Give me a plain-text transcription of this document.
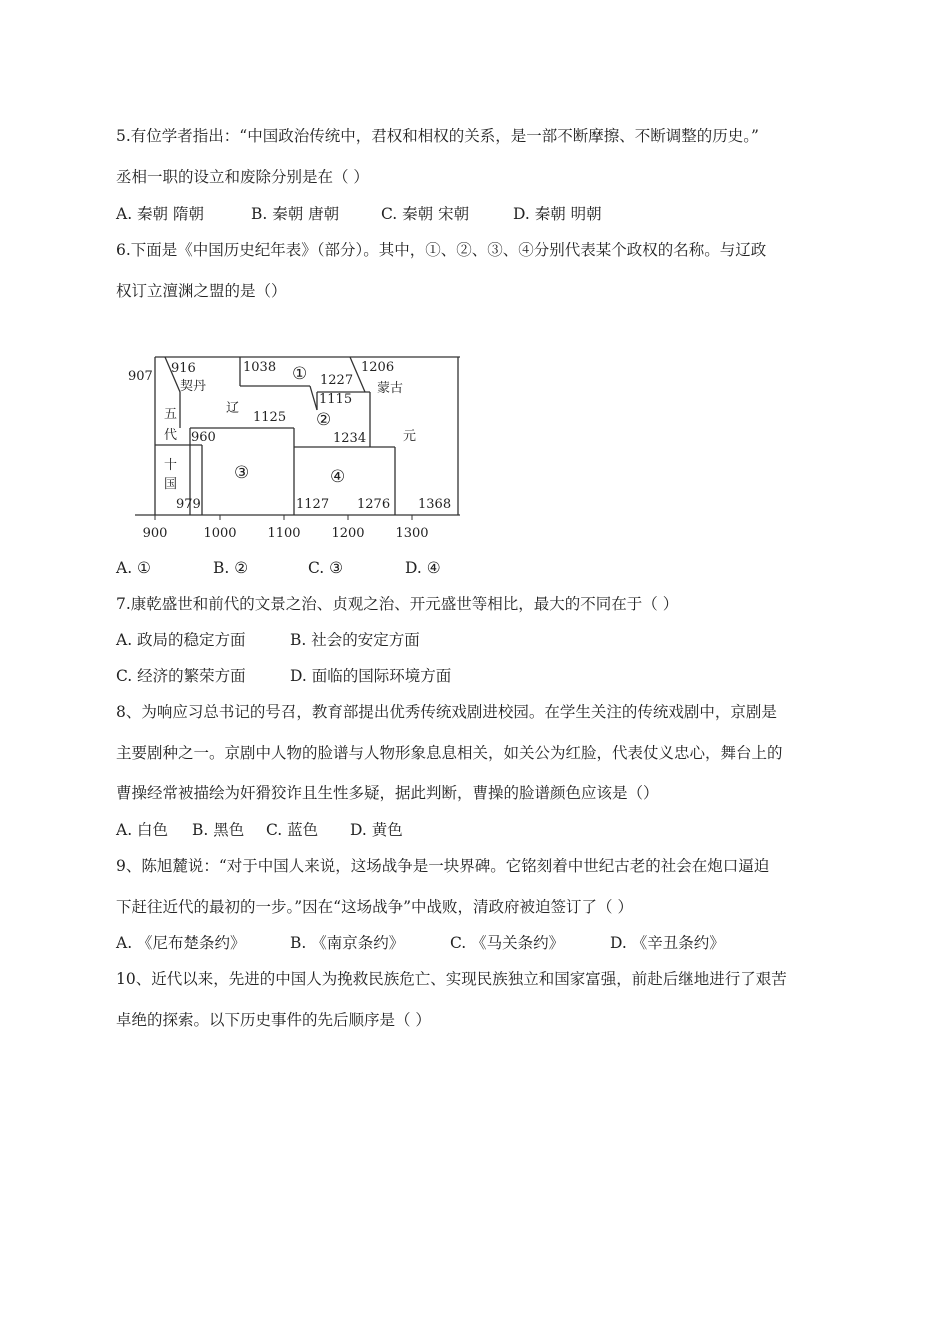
5.有位学者指出：“中国政治传统中，君权和相权的关系，是一部不断摩擦、不断调整的历史。”
丞相一职的设立和废除分别是在（ ）
A. 秦朝 隋朝	B. 秦朝 唐朝	C. 秦朝 宋朝	D. 秦朝 明朝
6.下面是《中国历史纪年表》（部分）。其中，①、②、③、④分别代表某个政权的名称。与辽政
权订立澶渊之盟的是（）
907
916
契丹
1038 ① 1227
1206
蒙古
辽
1115
②
1125
五
代 960	1234	元
十
国
③	④
979	1127 1276 1368
900	1000 1100 1200 1300
A. ①	B. ②	C. ③	D. ④
7.康乾盛世和前代的文景之治、贞观之治、开元盛世等相比，最大的不同在于（ ）
A. 政局的稳定方面	B. 社会的安定方面
C. 经济的繁荣方面	D. 面临的国际环境方面
8、为响应习总书记的号召，教育部提出优秀传统戏剧进校园。在学生关注的传统戏剧中，京剧是
主要剧种之一。京剧中人物的脸谱与人物形象息息相关，如关公为红脸，代表仗义忠心，舞台上的
曹操经常被描绘为奸猾狡诈且生性多疑，据此判断，曹操的脸谱颜色应该是（）
A. 白色 B. 黑色 C. 蓝色 D. 黄色
9、陈旭麓说：“对于中国人来说，这场战争是一块界碑。它铭刻着中世纪古老的社会在炮口逼迫
下赶往近代的最初的一步。”因在“这场战争”中战败，清政府被迫签订了（ ）
A. 《尼布楚条约》	B. 《南京条约》	C. 《马关条约》	D. 《辛丑条约》
10、近代以来，先进的中国人为挽救民族危亡、实现民族独立和国家富强，前赴后继地进行了艰苦
卓绝的探索。以下历史事件的先后顺序是（ ）
